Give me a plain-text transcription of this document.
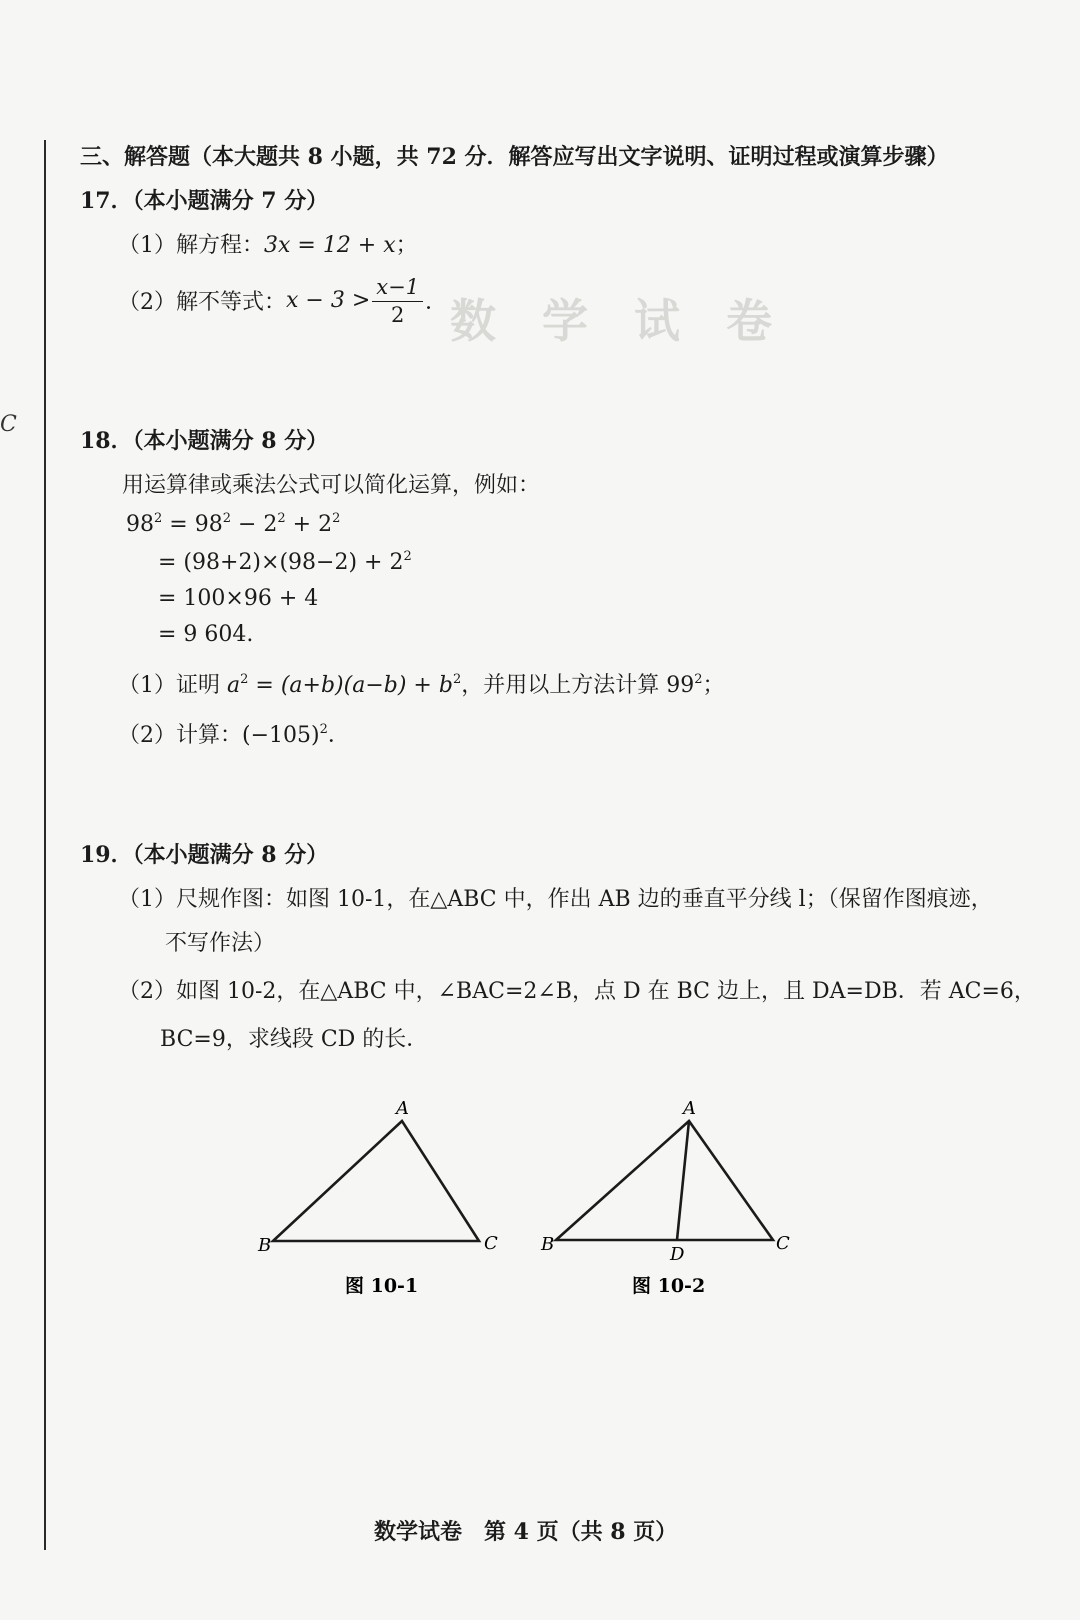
C
数　学　试　卷
三、解答题（本大题共 8 小题，共 72 分．解答应写出文字说明、证明过程或演算步骤）
17．（本小题满分 7 分）
（1）解方程：3x = 12 + x；
（2）解不等式： $x - 3 > \frac{x-1}{2}$ ．
18．（本小题满分 8 分）
用运算律或乘法公式可以简化运算，例如：
$98^2 = 98^2 - 2^2 + 2^2$
= $(98+2)\times(98-2) + 2^2$
= 100×96 + 4
= 9 604.
（1）证明 $a^2 = (a+b)(a-b) + b^2$，并用以上方法计算 $99^2$；
（2）计算：$(-105)^2$．
19．（本小题满分 8 分）
（1）尺规作图：如图 10-1，在△ABC 中，作出 AB 边的垂直平分线 l；（保留作图痕迹，
不写作法）
（2）如图 10-2，在△ABC 中，∠BAC=2∠B，点 D 在 BC 边上，且 DA=DB．若 AC=6，
BC=9，求线段 CD 的长．
A
B	C
图 10-1
A
B	C
D
图 10-2
数学试卷　第 4 页（共 8 页）
